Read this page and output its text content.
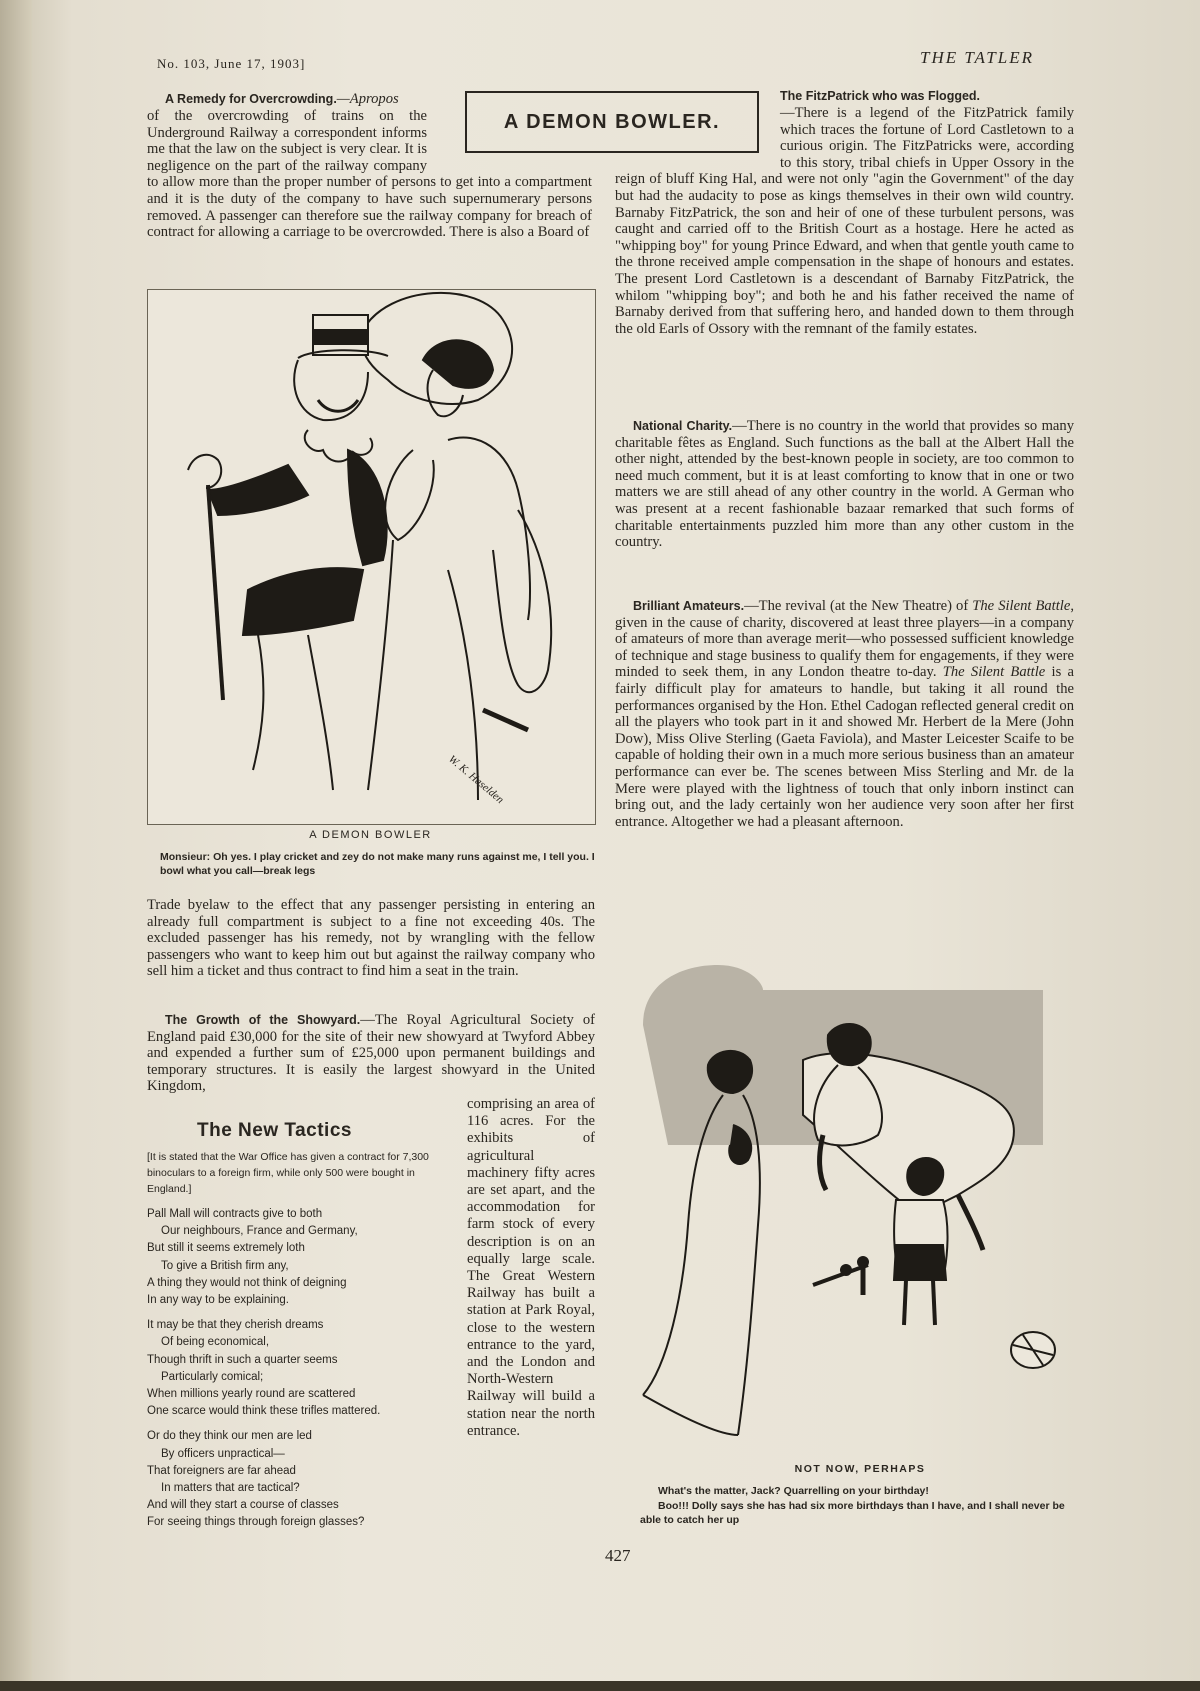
No. 103, June 17, 1903]	THE TATLER

A Remedy for Overcrowding.—Apropos

of the overcrowding of trains on the Underground Railway a correspondent informs me that the law on the subject is very clear. It is negligence on the part of the railway company to allow more than the proper number of persons to get into a compartment and it is the duty of the company to have such supernumerary persons removed. A passenger can therefore sue the railway company for breach of contract for allowing a carriage to be overcrowded. There is also a Board of
A DEMON BOWLER.
W. K. Haselden
A DEMON BOWLER
Monsieur: Oh yes. I play cricket and zey do not make many runs against me, I tell you. I bowl what you call—break legs

Trade byelaw to the effect that any passenger persisting in entering an already full compartment is subject to a fine not exceeding 40s. The excluded passenger has his remedy, not by wrangling with the fellow passengers who want to keep him out but against the railway company who sell him a ticket and thus contract to find him a seat in the train.

The Growth of the Showyard.—The Royal Agricultural Society of England paid £30,000 for the site of their new showyard at Twyford Abbey and expended a further sum of £25,000 upon permanent buildings and temporary structures. It is easily the largest showyard in the United Kingdom,

The New Tactics
[It is stated that the War Office has given a contract for 7,300 binoculars to a foreign firm, while only 500 were bought in England.]
Pall Mall will contracts give to both
Our neighbours, France and Germany,
But still it seems extremely loth
To give a British firm any,
A thing they would not think of deigning
In any way to be explaining.
It may be that they cherish dreams
Of being economical,
Though thrift in such a quarter seems
Particularly comical;
When millions yearly round are scattered
One scarce would think these trifles mattered.
Or do they think our men are led
By officers unpractical—
That foreigners are far ahead
In matters that are tactical?
And will they start a course of classes
For seeing things through foreign glasses?
comprising an area of 116 acres. For the exhibits of agricultural machinery fifty acres are set apart, and the accommodation for farm stock of every description is on an equally large scale. The Great Western Railway has built a station at Park Royal, close to the western entrance to the yard, and the London and North-Western Railway will build a station near the north entrance.
The FitzPatrick who was Flogged.
—There is a legend of the FitzPatrick family which traces the fortune of Lord Castletown to a curious origin. The FitzPatricks were, according to this story, tribal chiefs in Upper Ossory in the reign of bluff King Hal, and were not only "agin the Government" of the day but had the audacity to pose as kings themselves in their own wild country. Barnaby FitzPatrick, the son and heir of one of these turbulent persons, was caught and carried off to the British Court as a hostage. Here he acted as "whipping boy" for young Prince Edward, and when that gentle youth came to the throne received ample compensation in the shape of honours and estates. The present Lord Castletown is a descendant of Barnaby FitzPatrick, the whilom "whipping boy"; and both he and his father received the name of Barnaby derived from that suffering hero, and handed down to them through the old Earls of Ossory with the remnant of the family estates.

National Charity.—There is no country in the world that provides so many charitable fêtes as England. Such functions as the ball at the Albert Hall the other night, attended by the best-known people in society, are too common to need much comment, but it is at least comforting to know that in one or two matters we are still ahead of any other country in the world. A German who was present at a recent fashionable bazaar remarked that such forms of charitable entertainments puzzled him more than any other custom in the country.

Brilliant Amateurs.—The revival (at the New Theatre) of The Silent Battle, given in the cause of charity, discovered at least three players—in a company of amateurs of more than average merit—who possessed sufficient knowledge of technique and stage business to qualify them for engagements, if they were minded to seek them, in any London theatre to-day. The Silent Battle is a fairly difficult play for amateurs to handle, but taking it all round the performances organised by the Hon. Ethel Cadogan reflected general credit on all the players who took part in it and showed Mr. Herbert de la Mere (John Dow), Miss Olive Sterling (Gaeta Faviola), and Master Leicester Scaife to be capable of holding their own in a much more serious business than an amateur performance can ever be. The scenes between Miss Sterling and Mr. de la Mere were played with the lightness of touch that only inborn instinct can bring out, and the lady certainly won her audience very soon after her first entrance. Altogether we had a pleasant afternoon.

NOT NOW, PERHAPS
What's the matter, Jack? Quarrelling on your birthday!
Boo!!! Dolly says she has had six more birthdays than I have, and I shall never be able to catch her up
427
